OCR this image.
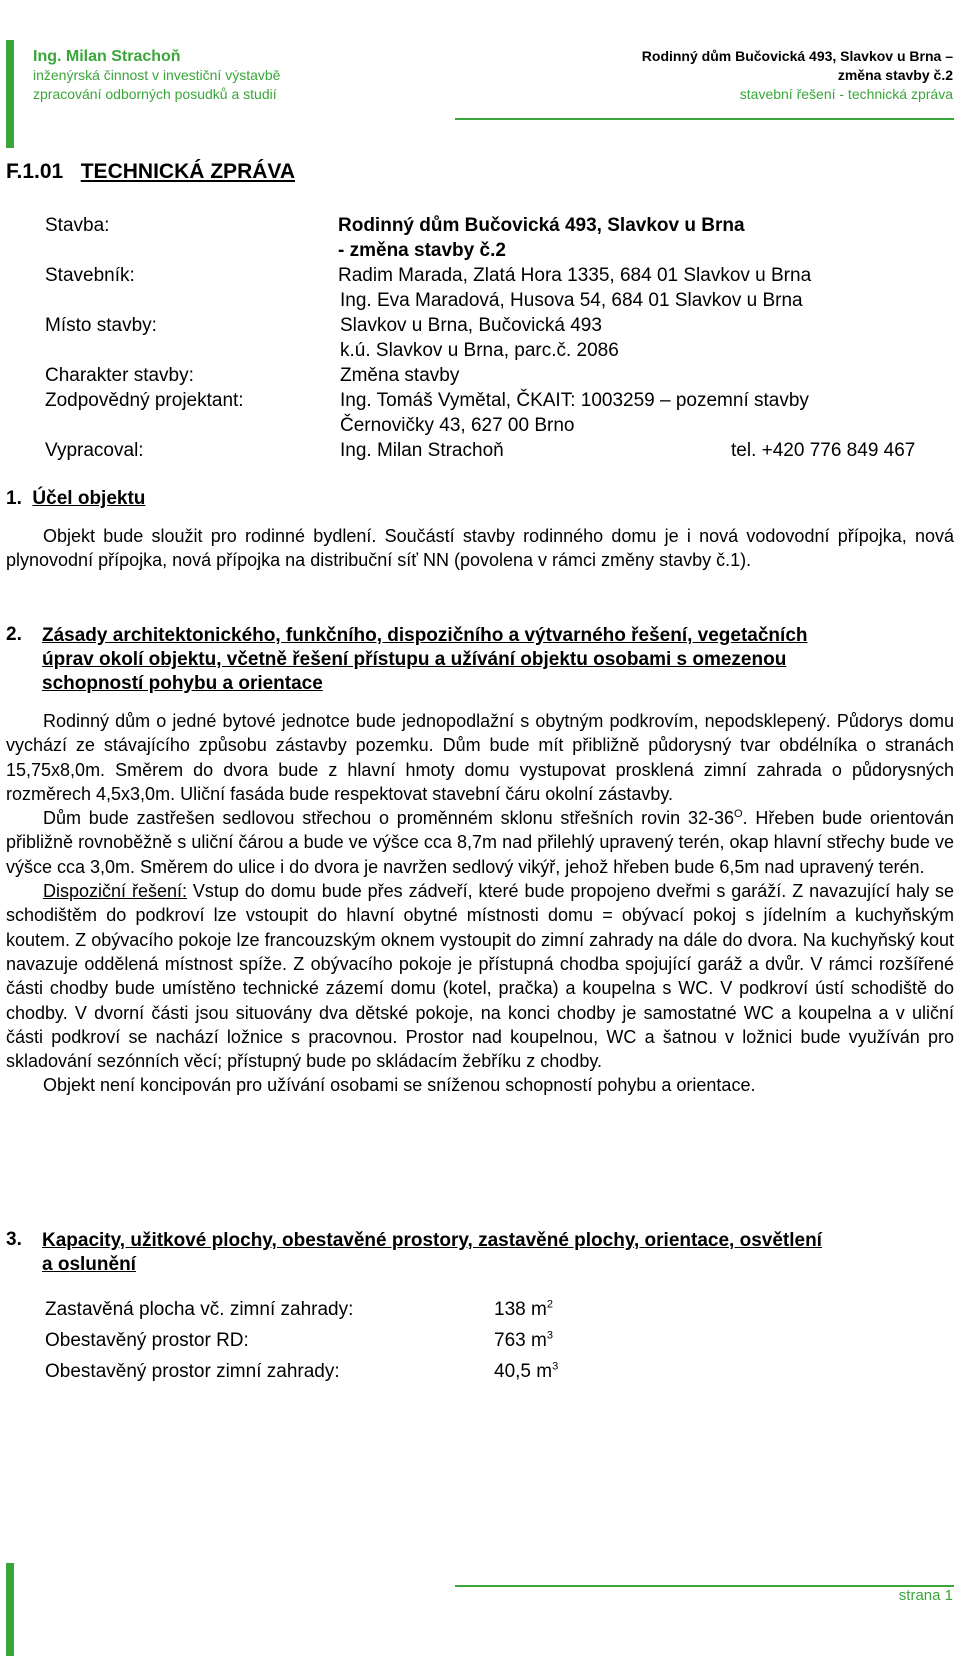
Ing. Milan Strachoň
inženýrská činnost v investiční výstavbě
zpracování odborných posudků a studií
Rodinný dům Bučovická 493, Slavkov u Brna –
změna stavby č.2
stavební řešení - technická zpráva
F.1.01 TECHNICKÁ ZPRÁVA
Stavba:	Rodinný dům Bučovická 493, Slavkov u Brna
- změna stavby č.2
Stavebník:	Radim Marada, Zlatá Hora 1335, 684 01 Slavkov u Brna
Ing. Eva Maradová, Husova 54, 684 01 Slavkov u Brna
Místo stavby:	Slavkov u Brna, Bučovická 493
k.ú. Slavkov u Brna, parc.č. 2086
Charakter stavby:	Změna stavby
Zodpovědný projektant:	Ing. Tomáš Vymětal, ČKAIT: 1003259 – pozemní stavby
Černovičky 43, 627 00 Brno
Vypracoval:	Ing. Milan Strachoň	tel. +420 776 849 467
1. Účel objektu

Objekt bude sloužit pro rodinné bydlení. Součástí stavby rodinného domu je i nová vodovodní přípojka, nová plynovodní přípojka, nová přípojka na distribuční síť NN (povolena v rámci změny stavby č.1).

2. Zásady architektonického, funkčního, dispozičního a výtvarného řešení, vegetačních
úprav okolí objektu, včetně řešení přístupu a užívání objektu osobami s omezenou
schopností pohybu a orientace

Rodinný dům o jedné bytové jednotce bude jednopodlažní s obytným podkrovím, nepodsklepený. Půdorys domu vychází ze stávajícího způsobu zástavby pozemku. Dům bude mít přibližně půdorysný tvar obdélníka o stranách 15,75x8,0m. Směrem do dvora bude z hlavní hmoty domu vystupovat prosklená zimní zahrada o půdorysných rozměrech 4,5x3,0m. Uliční fasáda bude respektovat stavební čáru okolní zástavby.

Dům bude zastřešen sedlovou střechou o proměnném sklonu střešních rovin $32-36^O$. Hřeben bude orientován přibližně rovnoběžně s uliční čárou a bude ve výšce cca 8,7m nad přilehlý upravený terén, okap hlavní střechy bude ve výšce cca 3,0m. Směrem do ulice i do dvora je navržen sedlový vikýř, jehož hřeben bude 6,5m nad upravený terén.

Dispoziční řešení: Vstup do domu bude přes zádveří, které bude propojeno dveřmi s garáží. Z navazující haly se schodištěm do podkroví lze vstoupit do hlavní obytné místnosti domu = obývací pokoj s jídelním a kuchyňským koutem. Z obývacího pokoje lze francouzským oknem vystoupit do zimní zahrady na dále do dvora. Na kuchyňský kout navazuje oddělená místnost spíže. Z obývacího pokoje je přístupná chodba spojující garáž a dvůr. V rámci rozšířené části chodby bude umístěno technické zázemí domu (kotel, pračka) a koupelna s WC. V podkroví ústí schodiště do chodby. V dvorní části jsou situovány dva dětské pokoje, na konci chodby je samostatné WC a koupelna a v uliční části podkroví se nachází ložnice s pracovnou. Prostor nad koupelnou, WC a šatnou v ložnici bude využíván pro skladování sezónních věcí; přístupný bude po skládacím žebříku z chodby.

Objekt není koncipován pro užívání osobami se sníženou schopností pohybu a orientace.

3. Kapacity, užitkové plochy, obestavěné prostory, zastavěné plochy, orientace, osvětlení
a oslunění
Zastavěná plocha vč. zimní zahrady:	138 $m^2$
Obestavěný prostor RD:	763 $m^3$
Obestavěný prostor zimní zahrady:	40,5 $m^3$
strana 1
